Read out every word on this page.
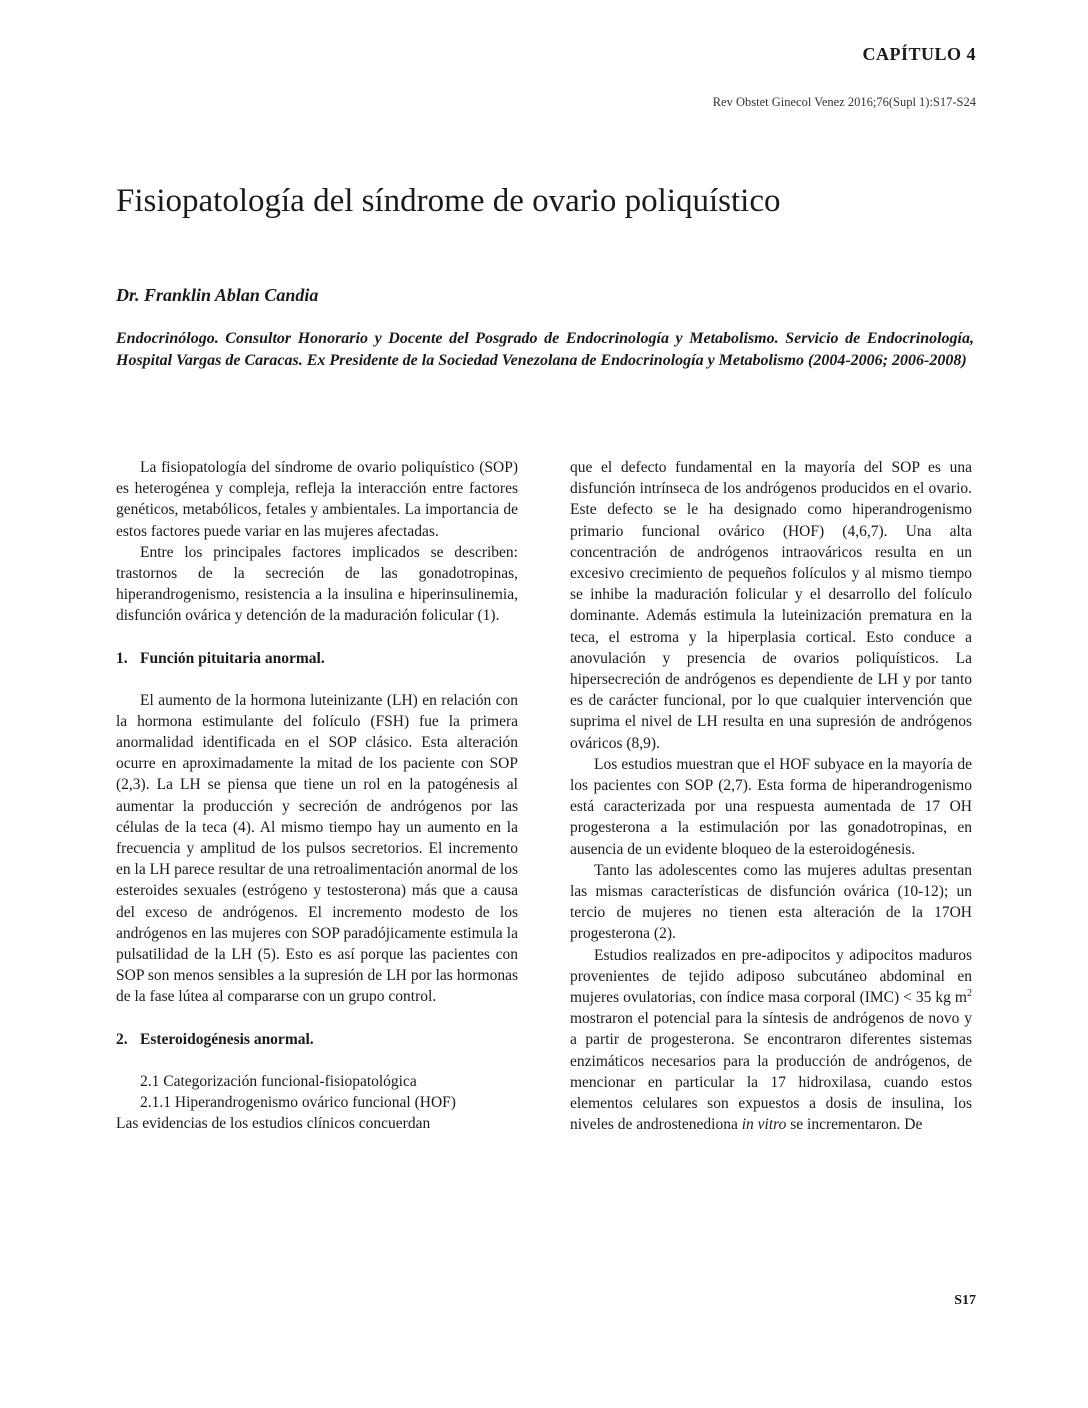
CAPÍTULO 4
Rev Obstet Ginecol Venez 2016;76(Supl 1):S17-S24
Fisiopatología del síndrome de ovario poliquístico
Dr. Franklin Ablan Candia
Endocrinólogo. Consultor Honorario y Docente del Posgrado de Endocrinología y Metabolismo. Servicio de Endocrinología, Hospital Vargas de Caracas. Ex Presidente de la Sociedad Venezolana de Endocrinología y Metabolismo (2004-2006; 2006-2008)

La fisiopatología del síndrome de ovario poliquístico (SOP) es heterogénea y compleja, refleja la interacción entre factores genéticos, metabólicos, fetales y ambientales. La importancia de estos factores puede variar en las mujeres afectadas.

Entre los principales factores implicados se describen: trastornos de la secreción de las gonadotropinas, hiperandrogenismo, resistencia a la insulina e hiperinsulinemia, disfunción ovárica y detención de la maduración folicular (1).

1. Función pituitaria anormal.

El aumento de la hormona luteinizante (LH) en relación con la hormona estimulante del folículo (FSH) fue la primera anormalidad identificada en el SOP clásico. Esta alteración ocurre en aproximadamente la mitad de los paciente con SOP (2,3). La LH se piensa que tiene un rol en la patogénesis al aumentar la producción y secreción de andrógenos por las células de la teca (4). Al mismo tiempo hay un aumento en la frecuencia y amplitud de los pulsos secretorios. El incremento en la LH parece resultar de una retroalimentación anormal de los esteroides sexuales (estrógeno y testosterona) más que a causa del exceso de andrógenos. El incremento modesto de los andrógenos en las mujeres con SOP paradójicamente estimula la pulsatilidad de la LH (5). Esto es así porque las pacientes con SOP son menos sensibles a la supresión de LH por las hormonas de la fase lútea al compararse con un grupo control.

2. Esteroidogénesis anormal.

2.1 Categorización funcional-fisiopatológica

2.1.1 Hiperandrogenismo ovárico funcional (HOF)

Las evidencias de los estudios clínicos concuerdan

que el defecto fundamental en la mayoría del SOP es una disfunción intrínseca de los andrógenos producidos en el ovario. Este defecto se le ha designado como hiperandrogenismo primario funcional ovárico (HOF) (4,6,7). Una alta concentración de andrógenos intraováricos resulta en un excesivo crecimiento de pequeños folículos y al mismo tiempo se inhibe la maduración folicular y el desarrollo del folículo dominante. Además estimula la luteinización prematura en la teca, el estroma y la hiperplasia cortical. Esto conduce a anovulación y presencia de ovarios poliquísticos. La hipersecreción de andrógenos es dependiente de LH y por tanto es de carácter funcional, por lo que cualquier intervención que suprima el nivel de LH resulta en una supresión de andrógenos ováricos (8,9).

Los estudios muestran que el HOF subyace en la mayoría de los pacientes con SOP (2,7). Esta forma de hiperandrogenismo está caracterizada por una respuesta aumentada de 17 OH progesterona a la estimulación por las gonadotropinas, en ausencia de un evidente bloqueo de la esteroidogénesis.

Tanto las adolescentes como las mujeres adultas presentan las mismas características de disfunción ovárica (10-12); un tercio de mujeres no tienen esta alteración de la 17OH progesterona (2).

Estudios realizados en pre-adipocitos y adipocitos maduros provenientes de tejido adiposo subcutáneo abdominal en mujeres ovulatorias, con índice masa corporal (IMC) < 35 kg $m^2$ mostraron el potencial para la síntesis de andrógenos de novo y a partir de progesterona. Se encontraron diferentes sistemas enzimáticos necesarios para la producción de andrógenos, de mencionar en particular la 17 hidroxilasa, cuando estos elementos celulares son expuestos a dosis de insulina, los niveles de androstenediona in vitro se incrementaron. De

S17
